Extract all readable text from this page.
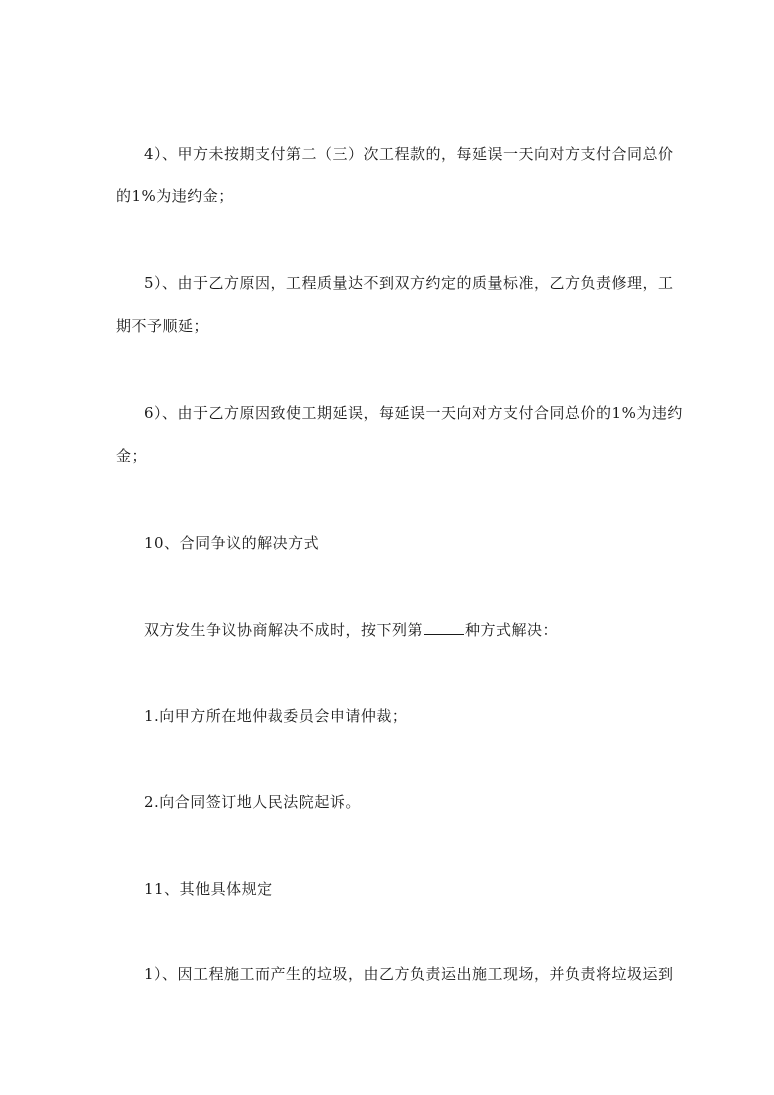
4）、甲方未按期支付第二（三）次工程款的，每延误一天向对方支付合同总价
的1%为违约金；
5）、由于乙方原因，工程质量达不到双方约定的质量标准，乙方负责修理，工
期不予顺延；
6）、由于乙方原因致使工期延误，每延误一天向对方支付合同总价的1%为违约
金；
10、合同争议的解决方式
双方发生争议协商解决不成时，按下列第	种方式解决：
1.向甲方所在地仲裁委员会申请仲裁；
2.向合同签订地人民法院起诉。
11、其他具体规定
1）、因工程施工而产生的垃圾，由乙方负责运出施工现场，并负责将垃圾运到
